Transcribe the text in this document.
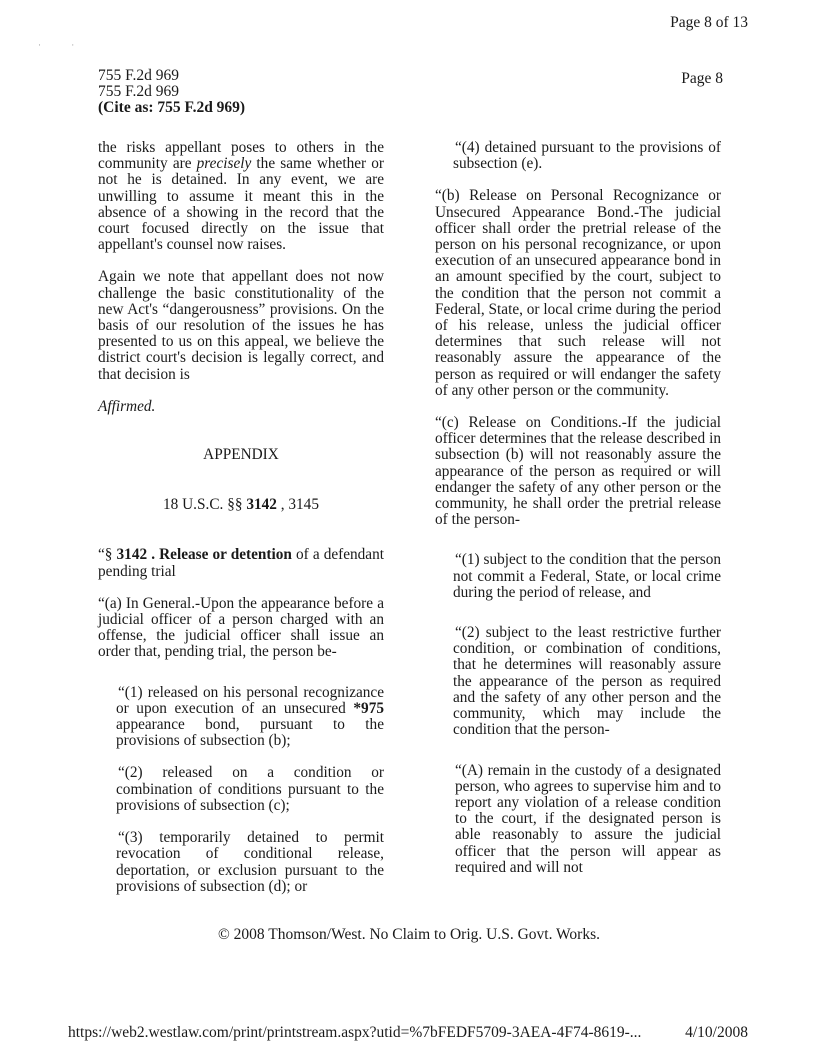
Page 8 of 13
· ·
755 F.2d 969
755 F.2d 969
(Cite as: 755 F.2d 969)
Page 8

the risks appellant poses to others in the community are precisely the same whether or not he is detained. In any event, we are unwilling to assume it meant this in the absence of a showing in the record that the court focused directly on the issue that appellant's counsel now raises.

Again we note that appellant does not now challenge the basic constitutionality of the new Act's “dangerousness” provisions. On the basis of our resolution of the issues he has presented to us on this appeal, we believe the district court's decision is legally correct, and that decision is

Affirmed.

APPENDIX

18 U.S.C. §§ 3142 , 3145

“§ 3142 . Release or detention of a defendant pending trial

“(a) In General.-Upon the appearance before a judicial officer of a person charged with an offense, the judicial officer shall issue an order that, pending trial, the person be-

“(1) released on his personal recognizance or upon execution of an unsecured *975 appearance bond, pursuant to the provisions of subsection (b);

“(2) released on a condition or combination of conditions pursuant to the provisions of subsection (c);

“(3) temporarily detained to permit revocation of conditional release, deportation, or exclusion pursuant to the provisions of subsection (d); or

“(4) detained pursuant to the provisions of subsection (e).

“(b) Release on Personal Recognizance or Unsecured Appearance Bond.-The judicial officer shall order the pretrial release of the person on his personal recognizance, or upon execution of an unsecured appearance bond in an amount specified by the court, subject to the condition that the person not commit a Federal, State, or local crime during the period of his release, unless the judicial officer determines that such release will not reasonably assure the appearance of the person as required or will endanger the safety of any other person or the community.

“(c) Release on Conditions.-If the judicial officer determines that the release described in subsection (b) will not reasonably assure the appearance of the person as required or will endanger the safety of any other person or the community, he shall order the pretrial release of the person-

“(1) subject to the condition that the person not commit a Federal, State, or local crime during the period of release, and

“(2) subject to the least restrictive further condition, or combination of conditions, that he determines will reasonably assure the appearance of the person as required and the safety of any other person and the community, which may include the condition that the person-

“(A) remain in the custody of a designated person, who agrees to supervise him and to report any violation of a release condition to the court, if the designated person is able reasonably to assure the judicial officer that the person will appear as required and will not

© 2008 Thomson/West. No Claim to Orig. U.S. Govt. Works.
https://web2.westlaw.com/print/printstream.aspx?utid=%7bFEDF5709-3AEA-4F74-8619-...	4/10/2008
